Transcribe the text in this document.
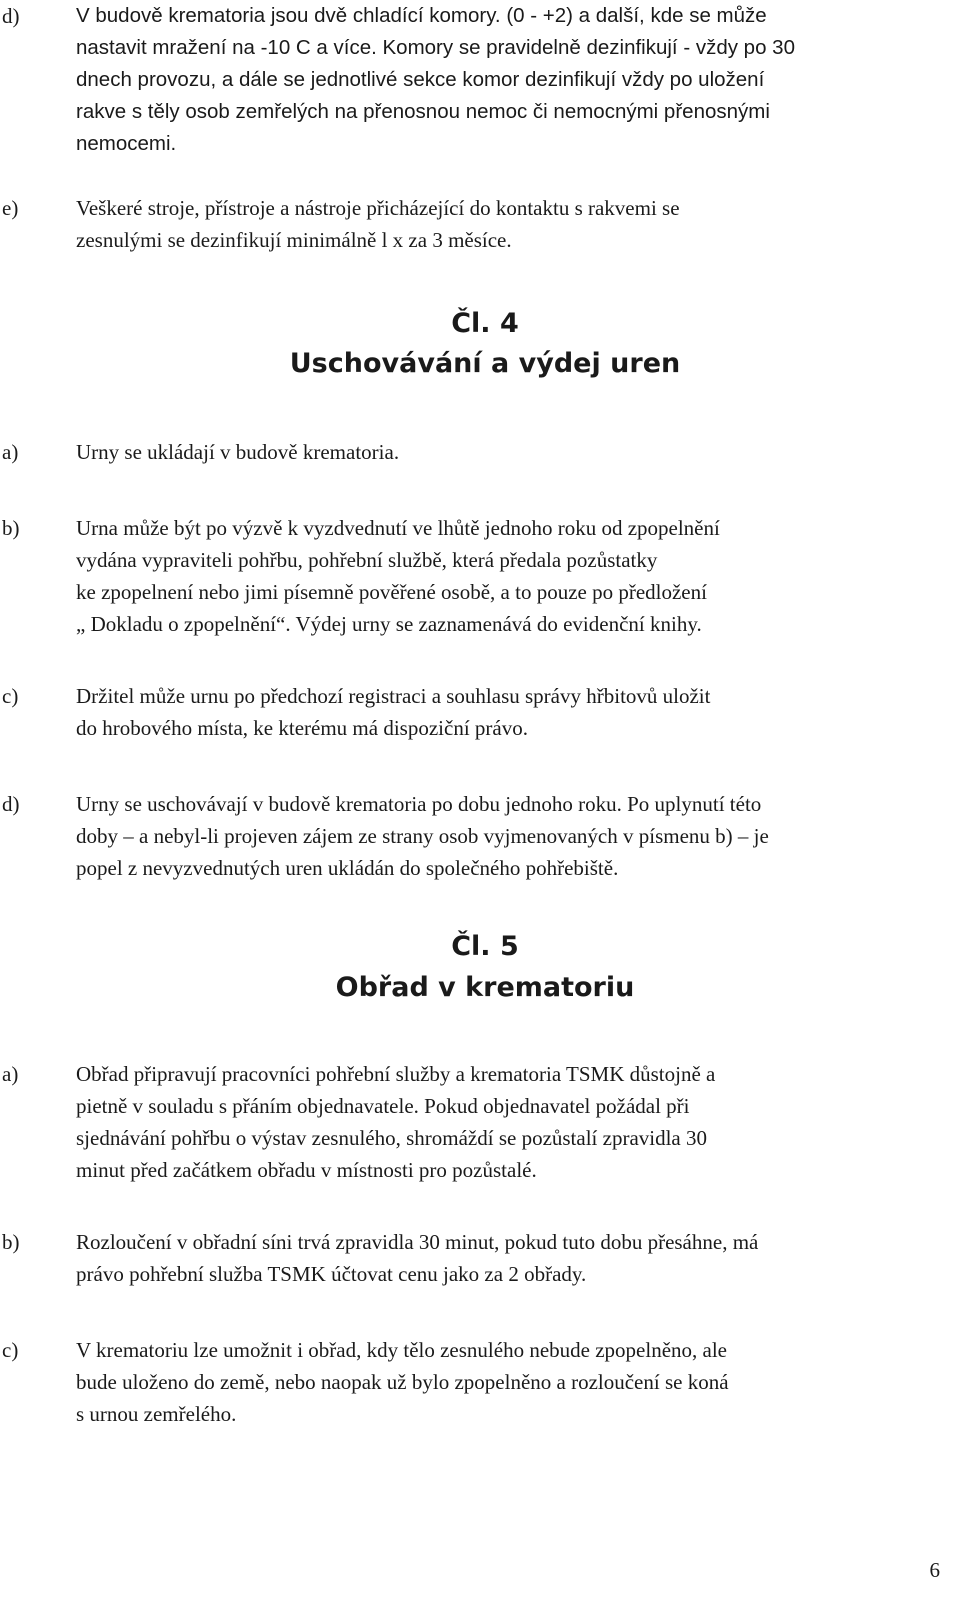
d)	V budově krematoria jsou dvě chladící komory. (0 - +2) a další, kde se může
nastavit mražení na -10 C a více. Komory se pravidelně dezinfikují - vždy po 30
dnech provozu, a dále se jednotlivé sekce komor dezinfikují vždy po uložení
rakve s těly osob zemřelých na přenosnou nemoc či nemocnými přenosnými
nemocemi.
e)	Veškeré stroje, přístroje a nástroje přicházející do kontaktu s rakvemi se
zesnulými se dezinfikují minimálně l x za 3 měsíce.
Čl. 4
Uschovávání a výdej uren
a)	Urny se ukládají v budově krematoria.
b)	Urna může být po výzvě k vyzdvednutí ve lhůtě jednoho roku od zpopelnění
vydána vypraviteli pohřbu, pohřební službě, která předala pozůstatky
ke zpopelnení nebo jimi písemně pověřené osobě, a to pouze po předložení
„ Dokladu o zpopelnění“. Výdej urny se zaznamenává do evidenční knihy.
c)	Držitel může urnu po předchozí registraci a souhlasu správy hřbitovů uložit
do hrobového místa, ke kterému má dispoziční právo.
d)	Urny se uschovávají v budově krematoria po dobu jednoho roku. Po uplynutí této
doby – a nebyl-li projeven zájem ze strany osob vyjmenovaných v písmenu b) – je
popel z nevyzvednutých uren ukládán do společného pohřebiště.
Čl. 5
Obřad v krematoriu
a)	Obřad připravují pracovníci pohřební služby a krematoria TSMK důstojně a
pietně v souladu s přáním objednavatele. Pokud objednavatel požádal při
sjednávání pohřbu o výstav zesnulého, shromáždí se pozůstalí zpravidla 30
minut před začátkem obřadu v místnosti pro pozůstalé.
b)	Rozloučení v obřadní síni trvá zpravidla 30 minut, pokud tuto dobu přesáhne, má
právo pohřební služba TSMK účtovat cenu jako za 2 obřady.
c)	V krematoriu lze umožnit i obřad, kdy tělo zesnulého nebude zpopelněno, ale
bude uloženo do země, nebo naopak už bylo zpopelněno a rozloučení se koná
s urnou zemřelého.
6
